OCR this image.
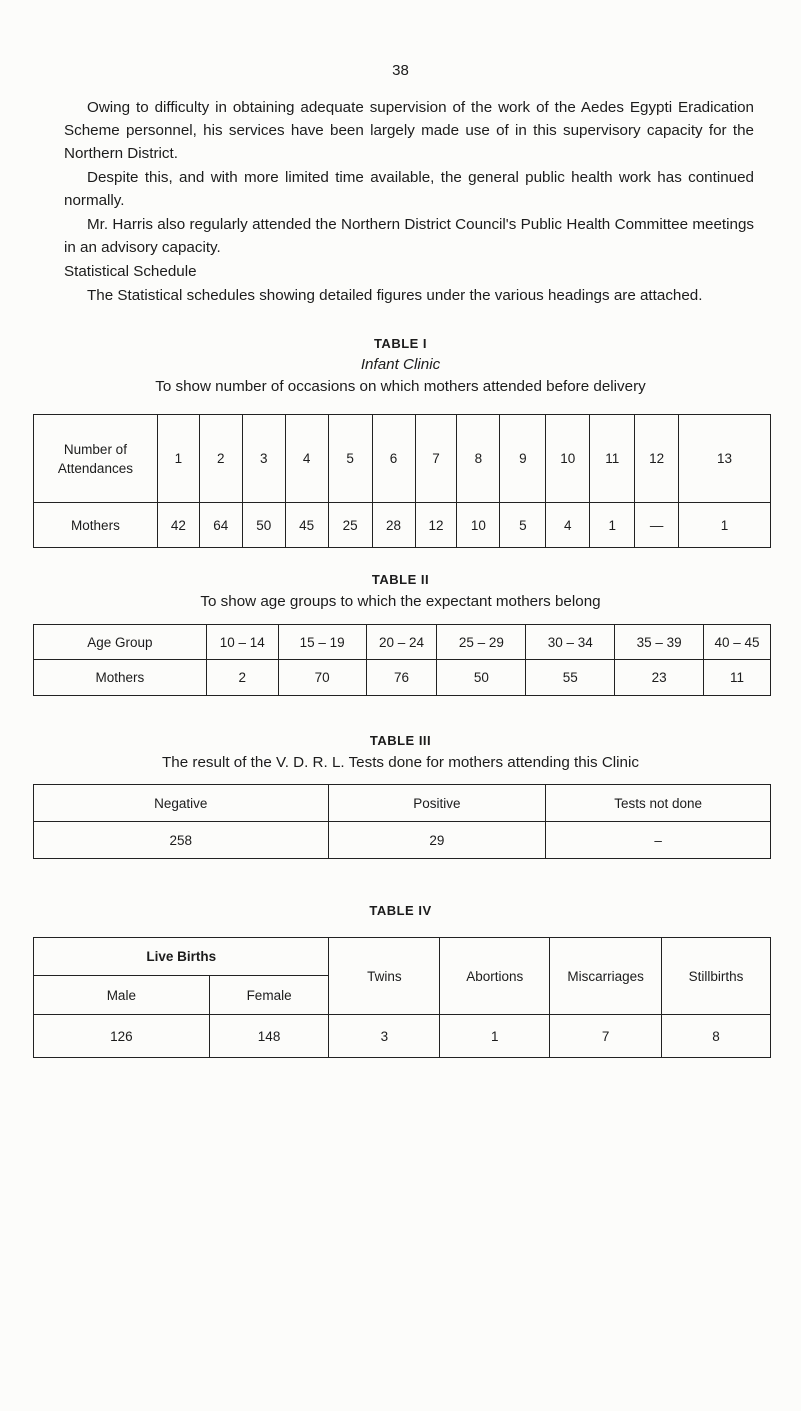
38

Owing to difficulty in obtaining adequate supervision of the work of the Aedes Egypti Eradication Scheme personnel, his services have been largely made use of in this supervisory capacity for the Northern District.

Despite this, and with more limited time available, the general public health work has continued normally.

Mr. Harris also regularly attended the Northern District Council's Public Health Committee meetings in an advisory capacity.

Statistical Schedule

The Statistical schedules showing detailed figures under the various headings are attached.

TABLE I

Infant Clinic

To show number of occasions on which mothers attended before delivery

Number of Attendances	1	2	3	4	5	6	7	8	9	10	11	12	13
Mothers	42	64	50	45	25	28	12	10	5	4	1	—	1

TABLE II

To show age groups to which the expectant mothers belong

Age Group	10 – 14	15 – 19	20 – 24	25 – 29	30 – 34	35 – 39	40 – 45
Mothers	2	70	76	50	55	23	11

TABLE III

The result of the V. D. R. L. Tests done for mothers attending this Clinic

Negative	Positive	Tests not done
258	29	–

TABLE IV

Live Births		Twins	Abortions	Miscarriages	Stillbirths
Male	Female				
126	148	3	1	7	8
